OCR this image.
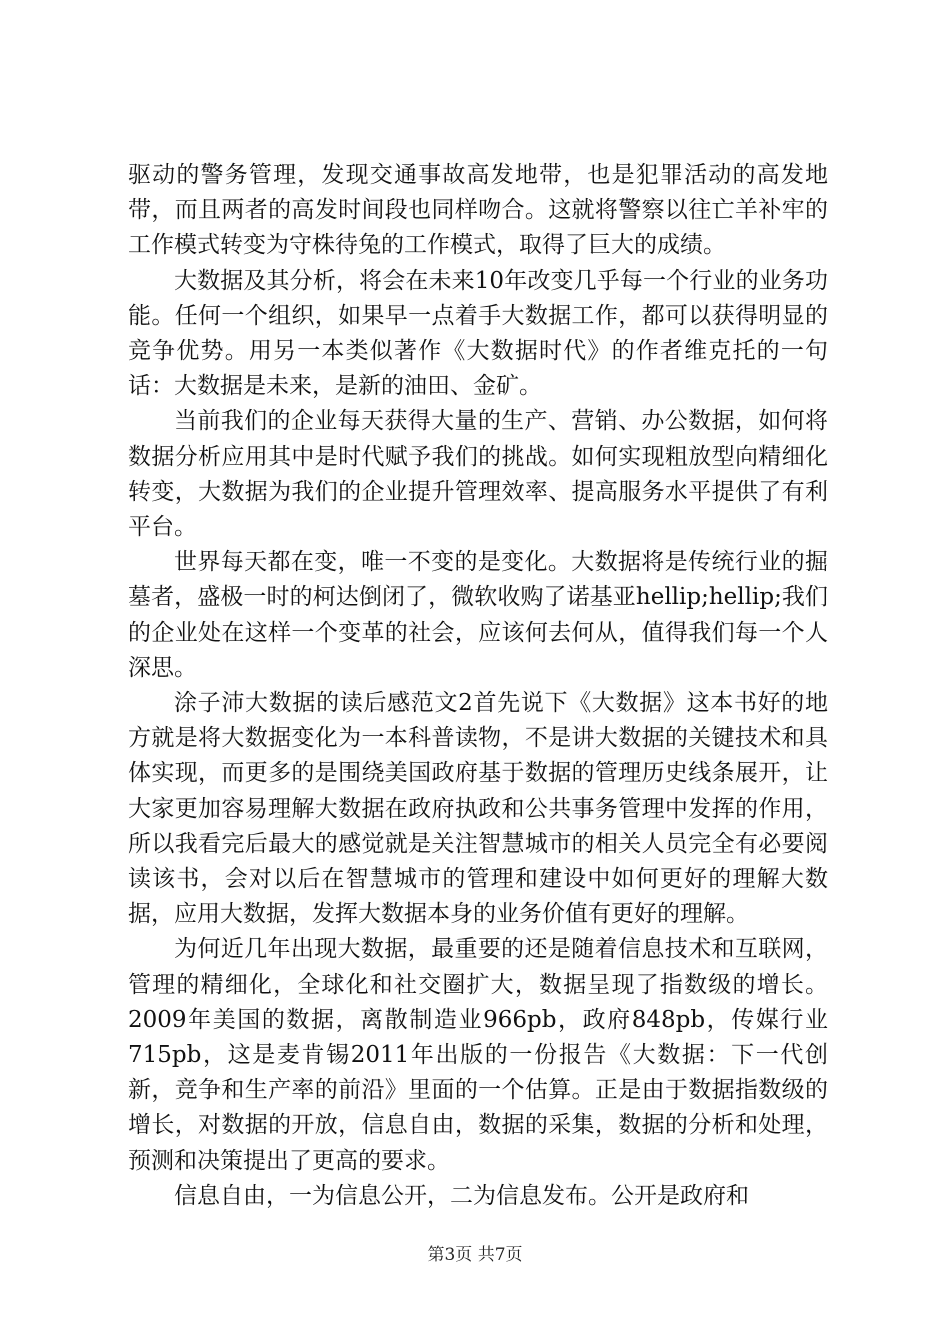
驱动的警务管理，发现交通事故高发地带，也是犯罪活动的高发地带，而且两者的高发时间段也同样吻合。这就将警察以往亡羊补牢的工作模式转变为守株待兔的工作模式，取得了巨大的成绩。

大数据及其分析，将会在未来10年改变几乎每一个行业的业务功能。任何一个组织，如果早一点着手大数据工作，都可以获得明显的竞争优势。用另一本类似著作《大数据时代》的作者维克托的一句话：大数据是未来，是新的油田、金矿。

当前我们的企业每天获得大量的生产、营销、办公数据，如何将数据分析应用其中是时代赋予我们的挑战。如何实现粗放型向精细化转变，大数据为我们的企业提升管理效率、提高服务水平提供了有利平台。

世界每天都在变，唯一不变的是变化。大数据将是传统行业的掘墓者，盛极一时的柯达倒闭了，微软收购了诺基亚hellip;hellip;我们的企业处在这样一个变革的社会，应该何去何从，值得我们每一个人深思。

涂子沛大数据的读后感范文2首先说下《大数据》这本书好的地方就是将大数据变化为一本科普读物，不是讲大数据的关键技术和具体实现，而更多的是围绕美国政府基于数据的管理历史线条展开，让大家更加容易理解大数据在政府执政和公共事务管理中发挥的作用，所以我看完后最大的感觉就是关注智慧城市的相关人员完全有必要阅读该书，会对以后在智慧城市的管理和建设中如何更好的理解大数据，应用大数据，发挥大数据本身的业务价值有更好的理解。

为何近几年出现大数据，最重要的还是随着信息技术和互联网，管理的精细化，全球化和社交圈扩大，数据呈现了指数级的增长。2009年美国的数据，离散制造业966pb，政府848pb，传媒行业715pb，这是麦肯锡2011年出版的一份报告《大数据：下一代创新，竞争和生产率的前沿》里面的一个估算。正是由于数据指数级的增长，对数据的开放，信息自由，数据的采集，数据的分析和处理，预测和决策提出了更高的要求。

信息自由，一为信息公开，二为信息发布。公开是政府和

第3页 共7页
